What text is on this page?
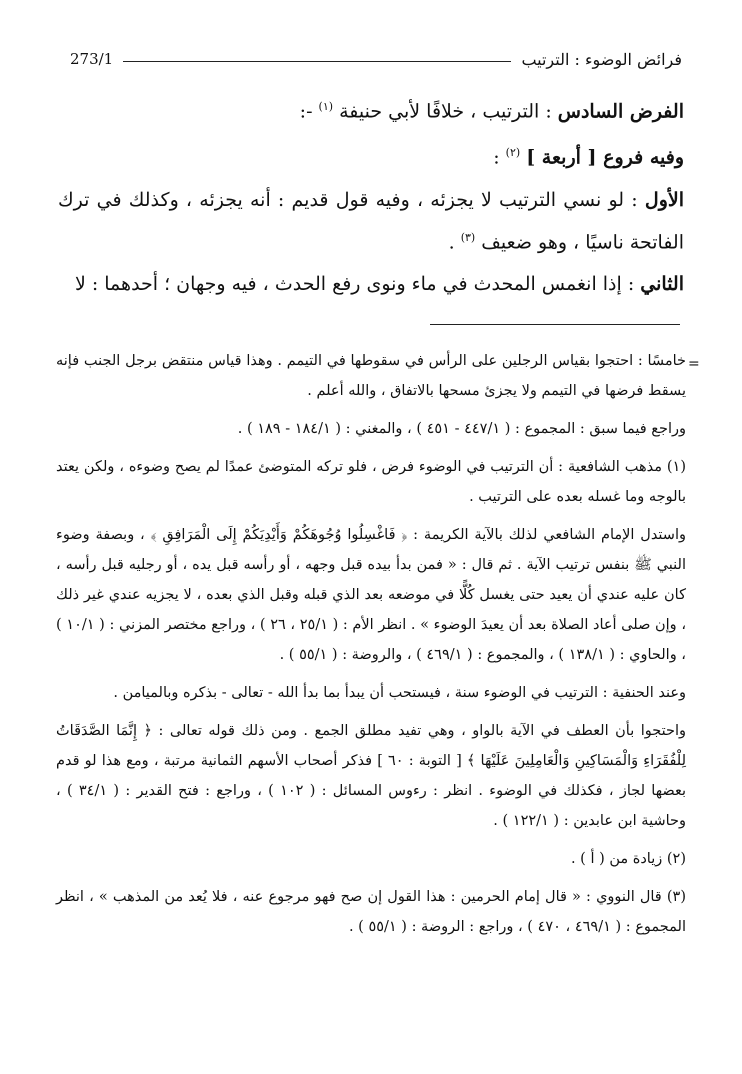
فرائض الوضوء : الترتيب
273/1

الفرض السادس : الترتيب ، خلافًا لأبي حنيفة $^{(١)}$ -:

وفيه فروع [ أربعة ] $^{(٢)}$ :

الأول : لو نسي الترتيب لا يجزئه ، وفيه قول قديم : أنه يجزئه ، وكذلك في ترك الفاتحة ناسيًا ، وهو ضعيف $^{(٣)}$ .

الثاني : إذا انغمس المحدث في ماء ونوى رفع الحدث ، فيه وجهان ؛ أحدهما : لا

=

خامسًا : احتجوا بقياس الرجلين على الرأس في سقوطها في التيمم . وهذا قياس منتقض برجل الجنب فإنه يسقط فرضها في التيمم ولا يجزئ مسحها بالاتفاق ، والله أعلم .

وراجع فيما سبق : المجموع : ( ٤٤٧/١ - ٤٥١ ) ، والمغني : ( ١٨٤/١ - ١٨٩ ) .

(١) مذهب الشافعية : أن الترتيب في الوضوء فرض ، فلو تركه المتوضئ عمدًا لم يصح وضوءه ، ولكن يعتد بالوجه وما غسله بعده على الترتيب .

واستدل الإمام الشافعي لذلك بالآية الكريمة : ﴿ فَاغْسِلُوا وُجُوهَكُمْ وَأَيْدِيَكُمْ إِلَى الْمَرَافِقِ ﴾ ، وبصفة وضوء النبي ﷺ بنفس ترتيب الآية . ثم قال : « فمن بدأ بيده قبل وجهه ، أو رأسه قبل يده ، أو رجليه قبل رأسه ، كان عليه عندي أن يعيد حتى يغسل كُلًّا في موضعه بعد الذي قبله وقبل الذي بعده ، لا يجزيه عندي غير ذلك ، وإن صلى أعاد الصلاة بعد أن يعيدَ الوضوء » . انظر الأم : ( ٢٥/١ ، ٢٦ ) ، وراجع مختصر المزني : ( ١٠/١ ) ، والحاوي : ( ١٣٨/١ ) ، والمجموع : ( ٤٦٩/١ ) ، والروضة : ( ٥٥/١ ) .

وعند الحنفية : الترتيب في الوضوء سنة ، فيستحب أن يبدأ بما بدأ الله - تعالى - بذكره وبالميامن .

واحتجوا بأن العطف في الآية بالواو ، وهي تفيد مطلق الجمع . ومن ذلك قوله تعالى : ﴿ إِنَّمَا الصَّدَقَاتُ لِلْفُقَرَاءِ وَالْمَسَاكِينِ وَالْعَامِلِينَ عَلَيْهَا ﴾ [ التوبة : ٦٠ ] فذكر أصحاب الأسهم الثمانية مرتبة ، ومع هذا لو قدم بعضها لجاز ، فكذلك في الوضوء . انظر : رءوس المسائل : ( ١٠٢ ) ، وراجع : فتح القدير : ( ٣٤/١ ) ، وحاشية ابن عابدين : ( ١٢٢/١ ) .

(٢) زيادة من ( أ ) .

(٣) قال النووي : « قال إمام الحرمين : هذا القول إن صح فهو مرجوع عنه ، فلا يُعد من المذهب » ، انظر المجموع : ( ٤٦٩/١ ، ٤٧٠ ) ، وراجع : الروضة : ( ٥٥/١ ) .
